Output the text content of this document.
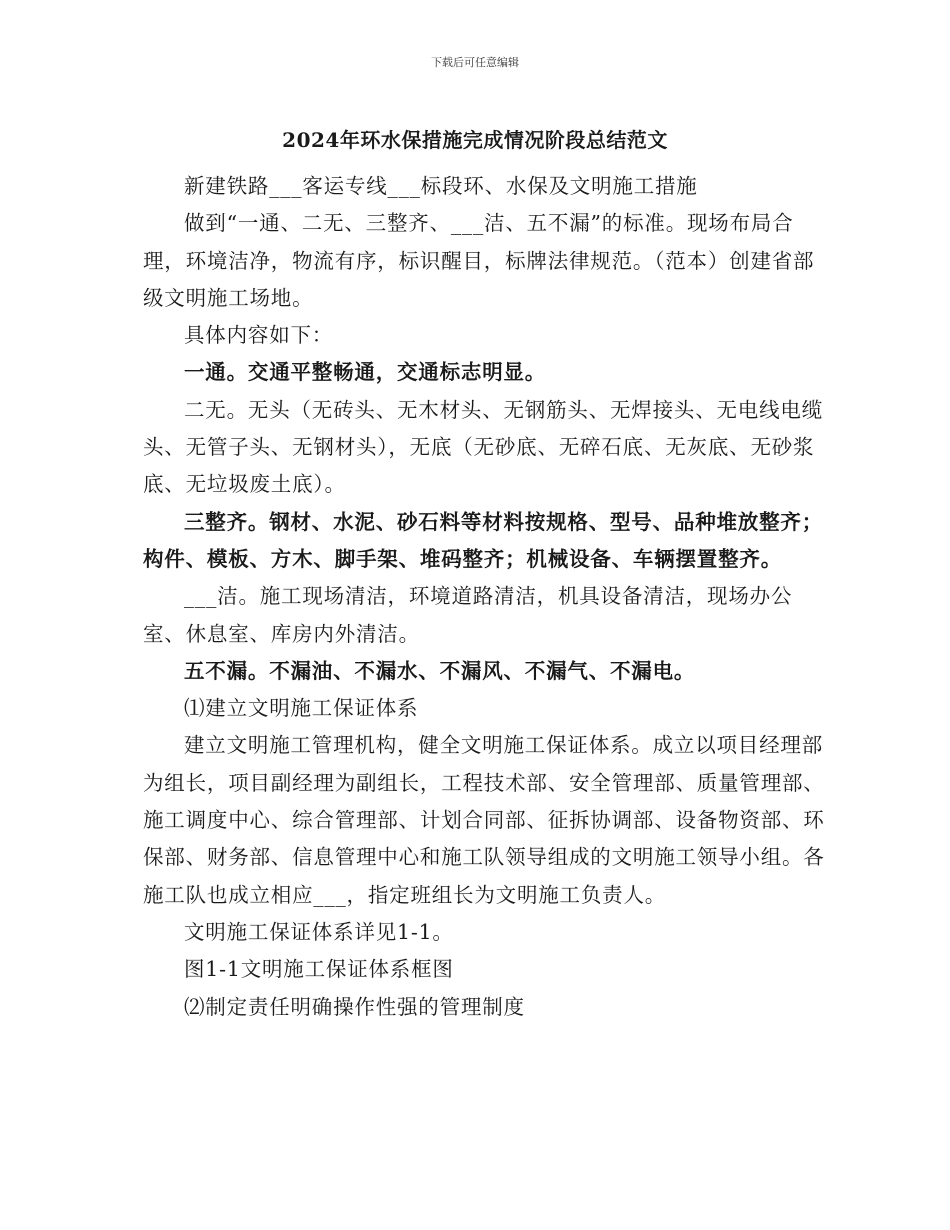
下载后可任意编辑
2024年环水保措施完成情况阶段总结范文

新建铁路___客运专线___标段环、水保及文明施工措施

做到“一通、二无、三整齐、___洁、五不漏”的标准。现场布局合理，环境洁净，物流有序，标识醒目，标牌法律规范。（范本）创建省部级文明施工场地。

具体内容如下：

一通。交通平整畅通，交通标志明显。

二无。无头（无砖头、无木材头、无钢筋头、无焊接头、无电线电缆头、无管子头、无钢材头），无底（无砂底、无碎石底、无灰底、无砂浆底、无垃圾废土底）。

三整齐。钢材、水泥、砂石料等材料按规格、型号、品种堆放整齐；构件、模板、方木、脚手架、堆码整齐；机械设备、车辆摆置整齐。

___洁。施工现场清洁，环境道路清洁，机具设备清洁，现场办公室、休息室、库房内外清洁。

五不漏。不漏油、不漏水、不漏风、不漏气、不漏电。

⑴建立文明施工保证体系

建立文明施工管理机构，健全文明施工保证体系。成立以项目经理部为组长，项目副经理为副组长，工程技术部、安全管理部、质量管理部、施工调度中心、综合管理部、计划合同部、征拆协调部、设备物资部、环保部、财务部、信息管理中心和施工队领导组成的文明施工领导小组。各施工队也成立相应___，指定班组长为文明施工负责人。

文明施工保证体系详见1-1。

图1-1文明施工保证体系框图

⑵制定责任明确操作性强的管理制度
